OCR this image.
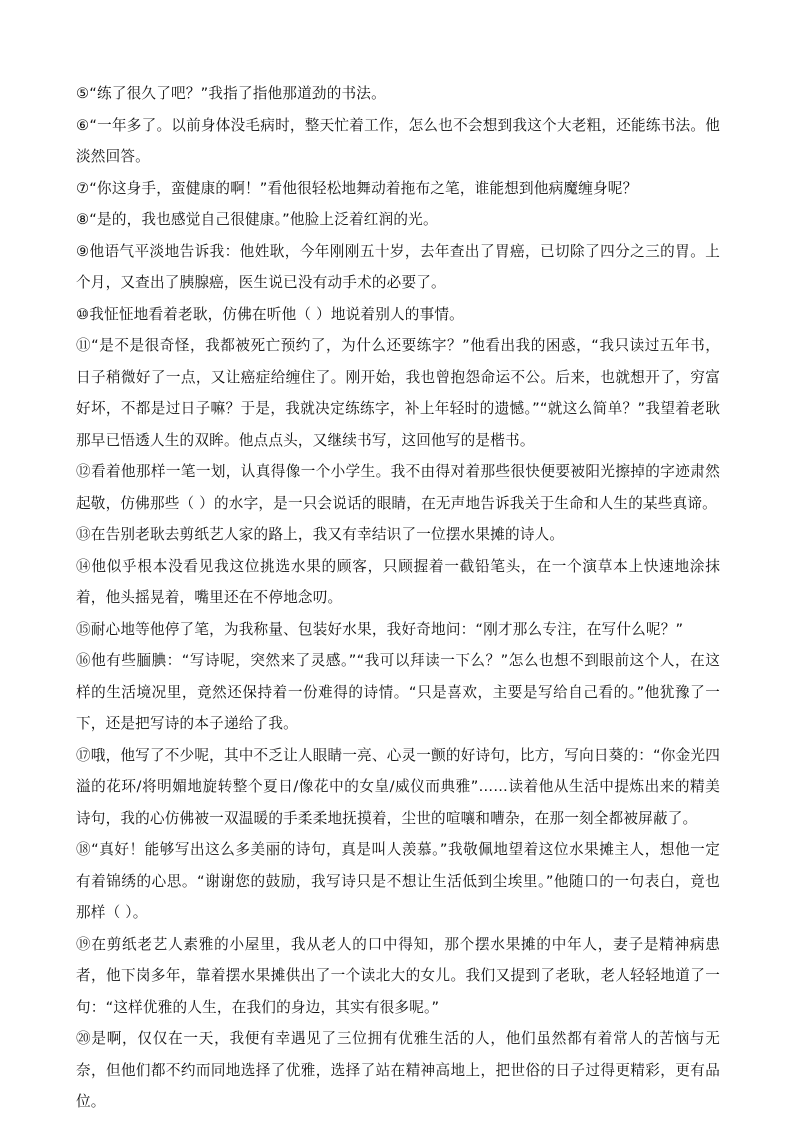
⑤“练了很久了吧？”我指了指他那道劲的书法。

⑥“一年多了。以前身体没毛病时，整天忙着工作，怎么也不会想到我这个大老粗，还能练书法。他淡然回答。

⑦“你这身手，蛮健康的啊！”看他很轻松地舞动着拖布之笔，谁能想到他病魔缠身呢？

⑧“是的，我也感觉自己很健康。”他脸上泛着红润的光。

⑨他语气平淡地告诉我：他姓耿，今年刚刚五十岁，去年查出了胃癌，已切除了四分之三的胃。上个月，又查出了胰腺癌，医生说已没有动手术的必要了。

⑩我怔怔地看着老耿，仿佛在听他（ ）地说着别人的事情。

⑪“是不是很奇怪，我都被死亡预约了，为什么还要练字？”他看出我的困惑，“我只读过五年书，日子稍微好了一点，又让癌症给缠住了。刚开始，我也曾抱怨命运不公。后来，也就想开了，穷富好坏，不都是过日子嘛？于是，我就决定练练字，补上年轻时的遗憾。”“就这么简单？”我望着老耿那早已悟透人生的双眸。他点点头，又继续书写，这回他写的是楷书。

⑫看着他那样一笔一划，认真得像一个小学生。我不由得对着那些很快便要被阳光擦掉的字迹肃然起敬，仿佛那些（ ）的水字，是一只会说话的眼睛，在无声地告诉我关于生命和人生的某些真谛。

⑬在告别老耿去剪纸艺人家的路上，我又有幸结识了一位摆水果摊的诗人。

⑭他似乎根本没看见我这位挑选水果的顾客，只顾握着一截铅笔头，在一个演草本上快速地涂抹着，他头摇晃着，嘴里还在不停地念叨。

⑮耐心地等他停了笔，为我称量、包装好水果，我好奇地问：“刚才那么专注，在写什么呢？”

⑯他有些腼腆：“写诗呢，突然来了灵感。”“我可以拜读一下么？”怎么也想不到眼前这个人，在这样的生活境况里，竟然还保持着一份难得的诗情。“只是喜欢，主要是写给自己看的。”他犹豫了一下，还是把写诗的本子递给了我。

⑰哦，他写了不少呢，其中不乏让人眼睛一亮、心灵一颤的好诗句，比方，写向日葵的：“你金光四溢的花环/将明媚地旋转整个夏日/像花中的女皇/威仪而典雅”……读着他从生活中提炼出来的精美诗句，我的心仿佛被一双温暖的手柔柔地抚摸着，尘世的喧嚷和嘈杂，在那一刻全都被屏蔽了。

⑱“真好！能够写出这么多美丽的诗句，真是叫人羡慕。”我敬佩地望着这位水果摊主人，想他一定有着锦绣的心思。“谢谢您的鼓励，我写诗只是不想让生活低到尘埃里。”他随口的一句表白，竟也那样（ ）。

⑲在剪纸老艺人素雅的小屋里，我从老人的口中得知，那个摆水果摊的中年人，妻子是精神病患者，他下岗多年，靠着摆水果摊供出了一个读北大的女儿。我们又提到了老耿，老人轻轻地道了一句：“这样优雅的人生，在我们的身边，其实有很多呢。”

⑳是啊，仅仅在一天，我便有幸遇见了三位拥有优雅生活的人，他们虽然都有着常人的苦恼与无奈，但他们都不约而同地选择了优雅，选择了站在精神高地上，把世俗的日子过得更精彩，更有品位。
